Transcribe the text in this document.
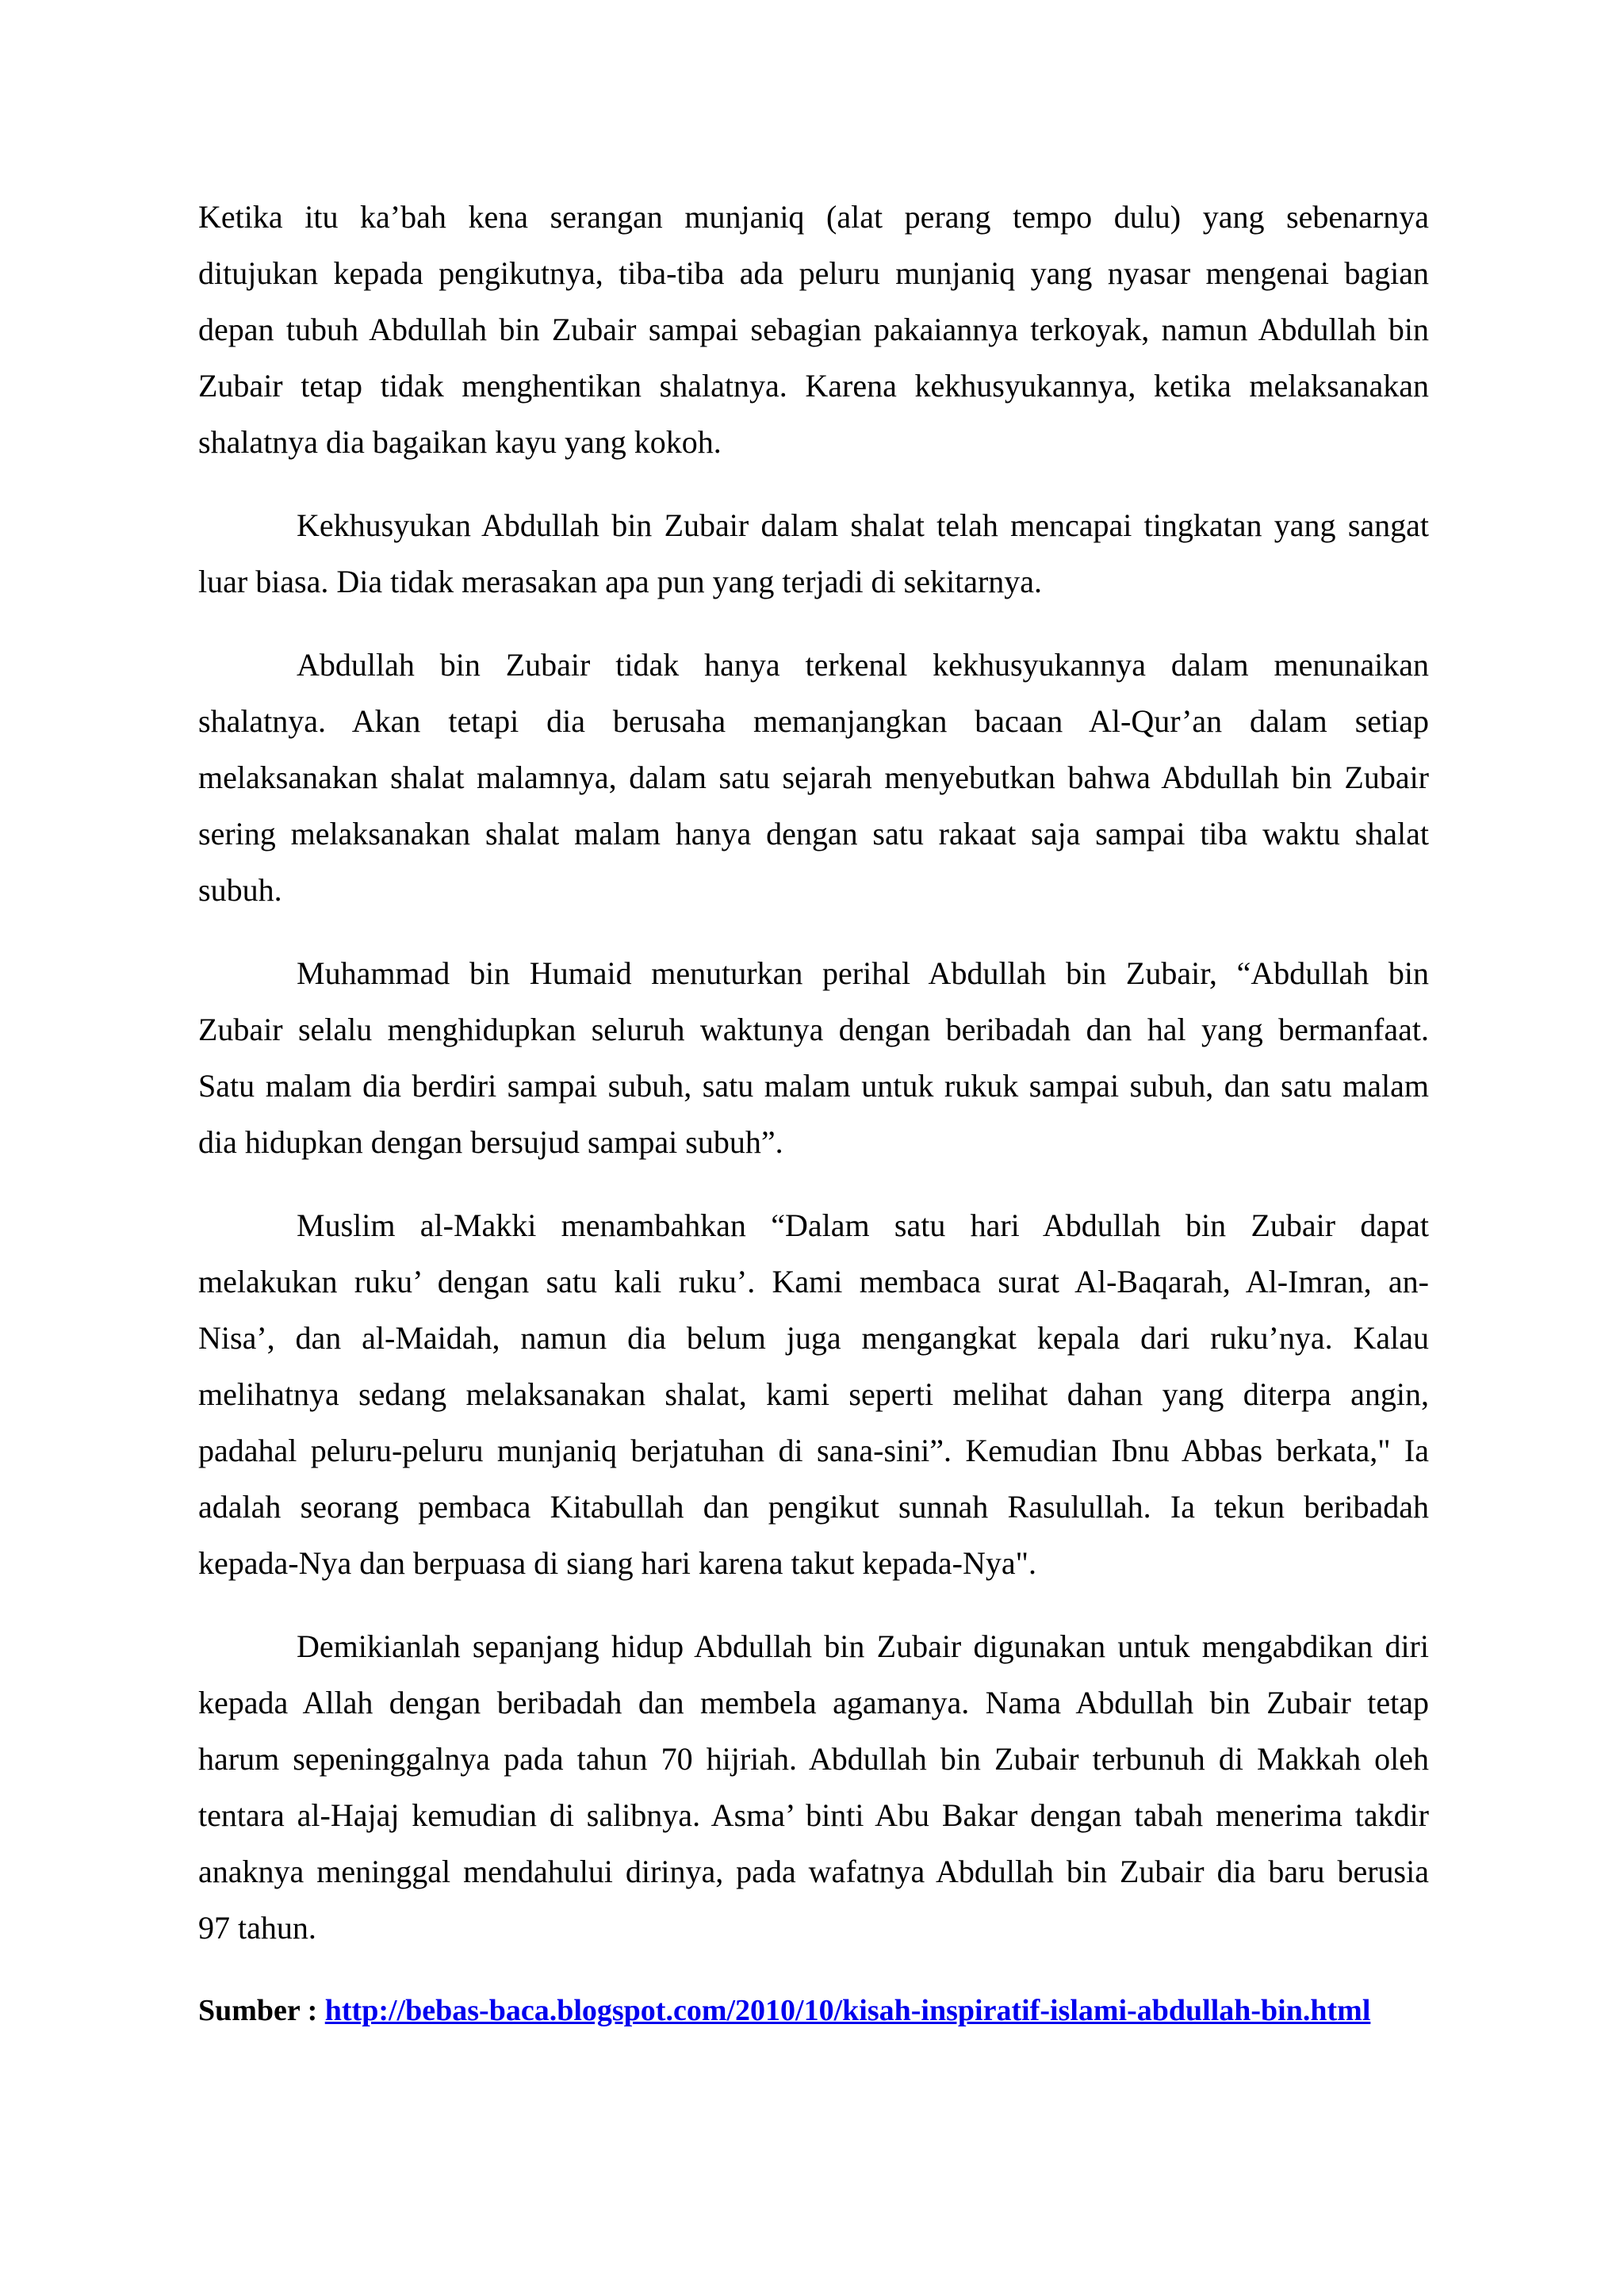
Ketika itu ka’bah kena serangan munjaniq (alat perang tempo dulu) yang sebenarnya
ditujukan kepada pengikutnya, tiba-tiba ada peluru munjaniq yang nyasar mengenai bagian
depan tubuh Abdullah bin Zubair sampai sebagian pakaiannya terkoyak, namun Abdullah bin
Zubair tetap tidak menghentikan shalatnya. Karena kekhusyukannya, ketika melaksanakan
shalatnya dia bagaikan kayu yang kokoh.
Kekhusyukan Abdullah bin Zubair dalam shalat telah mencapai tingkatan yang sangat
luar biasa. Dia tidak merasakan apa pun yang terjadi di sekitarnya.
Abdullah bin Zubair tidak hanya terkenal kekhusyukannya dalam menunaikan
shalatnya. Akan tetapi dia berusaha memanjangkan bacaan Al-Qur’an dalam setiap
melaksanakan shalat malamnya, dalam satu sejarah menyebutkan bahwa Abdullah bin Zubair
sering melaksanakan shalat malam hanya dengan satu rakaat saja sampai tiba waktu shalat
subuh.
Muhammad bin Humaid menuturkan perihal Abdullah bin Zubair, “Abdullah bin
Zubair selalu menghidupkan seluruh waktunya dengan beribadah dan hal yang bermanfaat.
Satu malam dia berdiri sampai subuh, satu malam untuk rukuk sampai subuh, dan satu malam
dia hidupkan dengan bersujud sampai subuh”.
Muslim al-Makki menambahkan “Dalam satu hari Abdullah bin Zubair dapat
melakukan ruku’ dengan satu kali ruku’. Kami membaca surat Al-Baqarah, Al-Imran, an-
Nisa’, dan al-Maidah, namun dia belum juga mengangkat kepala dari ruku’nya. Kalau
melihatnya sedang melaksanakan shalat, kami seperti melihat dahan yang diterpa angin,
padahal peluru-peluru munjaniq berjatuhan di sana-sini”. Kemudian Ibnu Abbas berkata," Ia
adalah seorang pembaca Kitabullah dan pengikut sunnah Rasulullah. Ia tekun beribadah
kepada-Nya dan berpuasa di siang hari karena takut kepada-Nya".
Demikianlah sepanjang hidup Abdullah bin Zubair digunakan untuk mengabdikan diri
kepada Allah dengan beribadah dan membela agamanya. Nama Abdullah bin Zubair tetap
harum sepeninggalnya pada tahun 70 hijriah. Abdullah bin Zubair terbunuh di Makkah oleh
tentara al-Hajaj kemudian di salibnya. Asma’ binti Abu Bakar dengan tabah menerima takdir
anaknya meninggal mendahului dirinya, pada wafatnya Abdullah bin Zubair dia baru berusia
97 tahun.
Sumber : http://bebas-baca.blogspot.com/2010/10/kisah-inspiratif-islami-abdullah-bin.html
